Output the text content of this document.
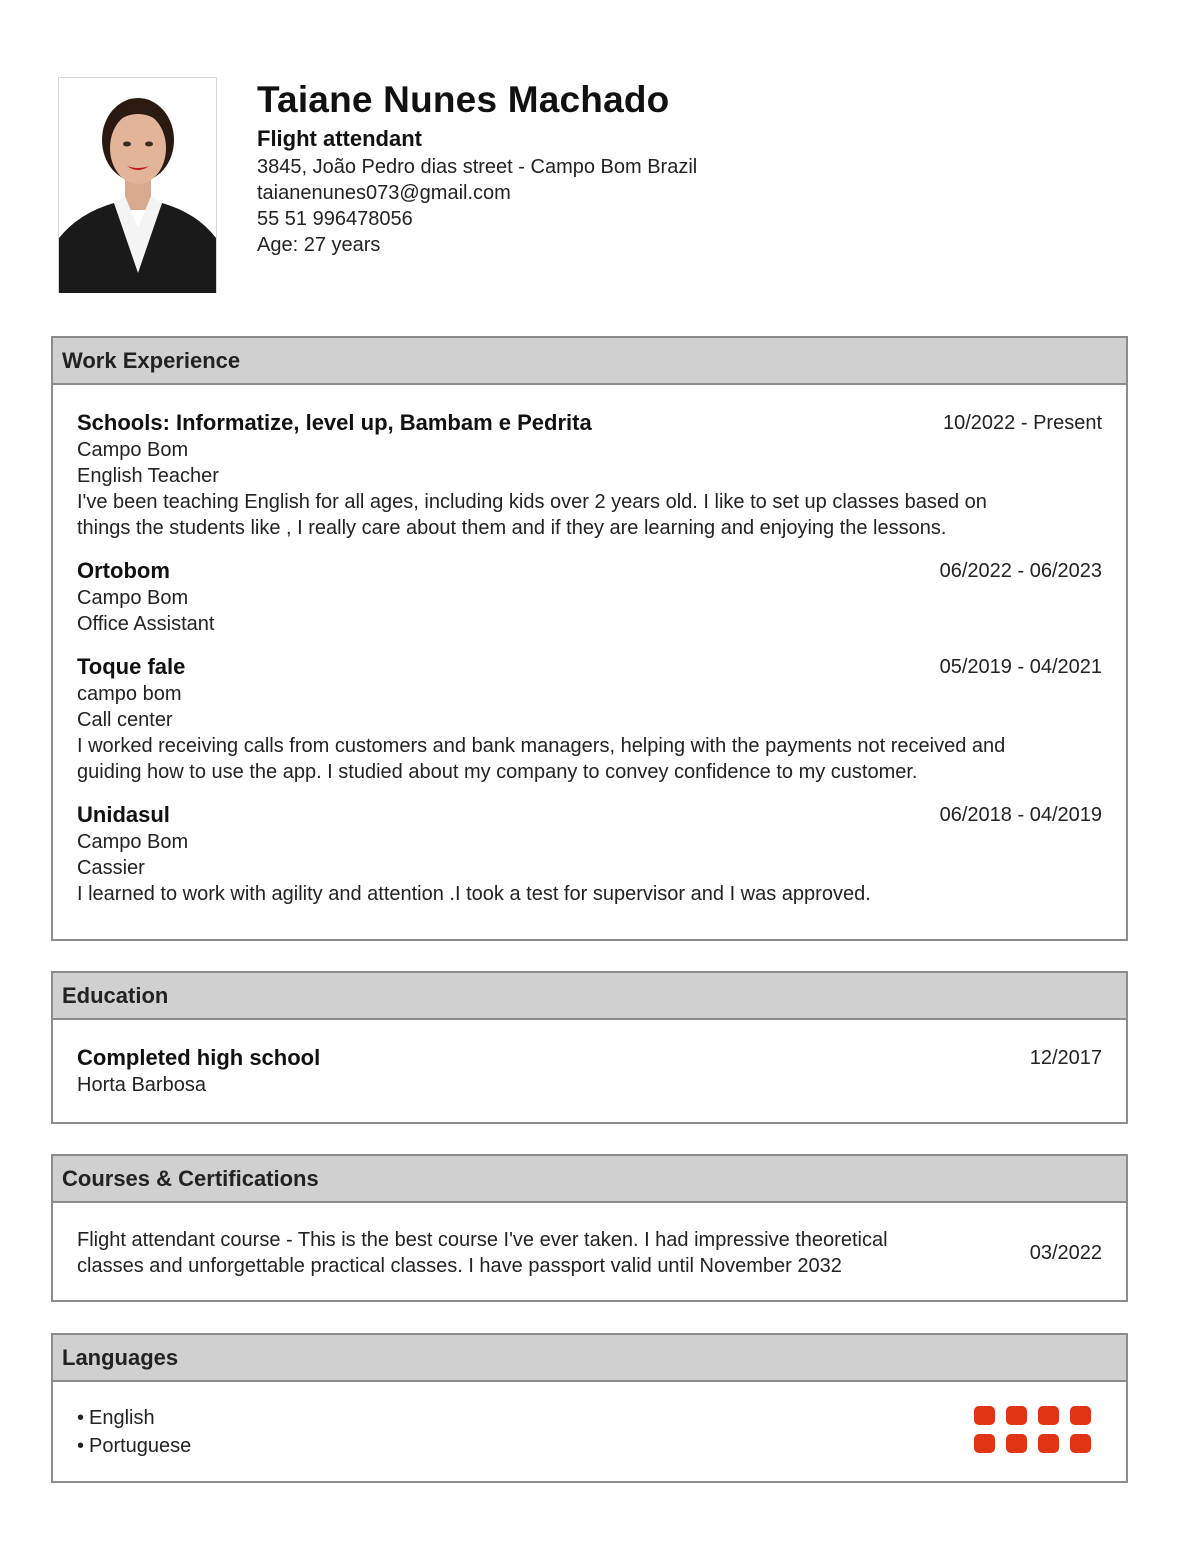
Taiane Nunes Machado
Flight attendant
3845, João Pedro dias street - Campo Bom Brazil
taianenunes073@gmail.com
55 51 996478056
Age: 27 years
Work Experience
Schools: Informatize, level up, Bambam e Pedrita	10/2022 - Present
Campo Bom
English Teacher
I've been teaching English for all ages, including kids over 2 years old. I like to set up classes based on
things the students like , I really care about them and if they are learning and enjoying the lessons.
Ortobom	06/2022 - 06/2023
Campo Bom
Office Assistant
Toque fale	05/2019 - 04/2021
campo bom
Call center
I worked receiving calls from customers and bank managers, helping with the payments not received and
guiding how to use the app. I studied about my company to convey confidence to my customer.
Unidasul	06/2018 - 04/2019
Campo Bom
Cassier
I learned to work with agility and attention .I took a test for supervisor and I was approved.
Education
Completed high school	12/2017
Horta Barbosa
Courses & Certifications
Flight attendant course - This is the best course I've ever taken. I had impressive theoretical
classes and unforgettable practical classes. I have passport valid until November 2032
03/2022
Languages
• English
• Portuguese
